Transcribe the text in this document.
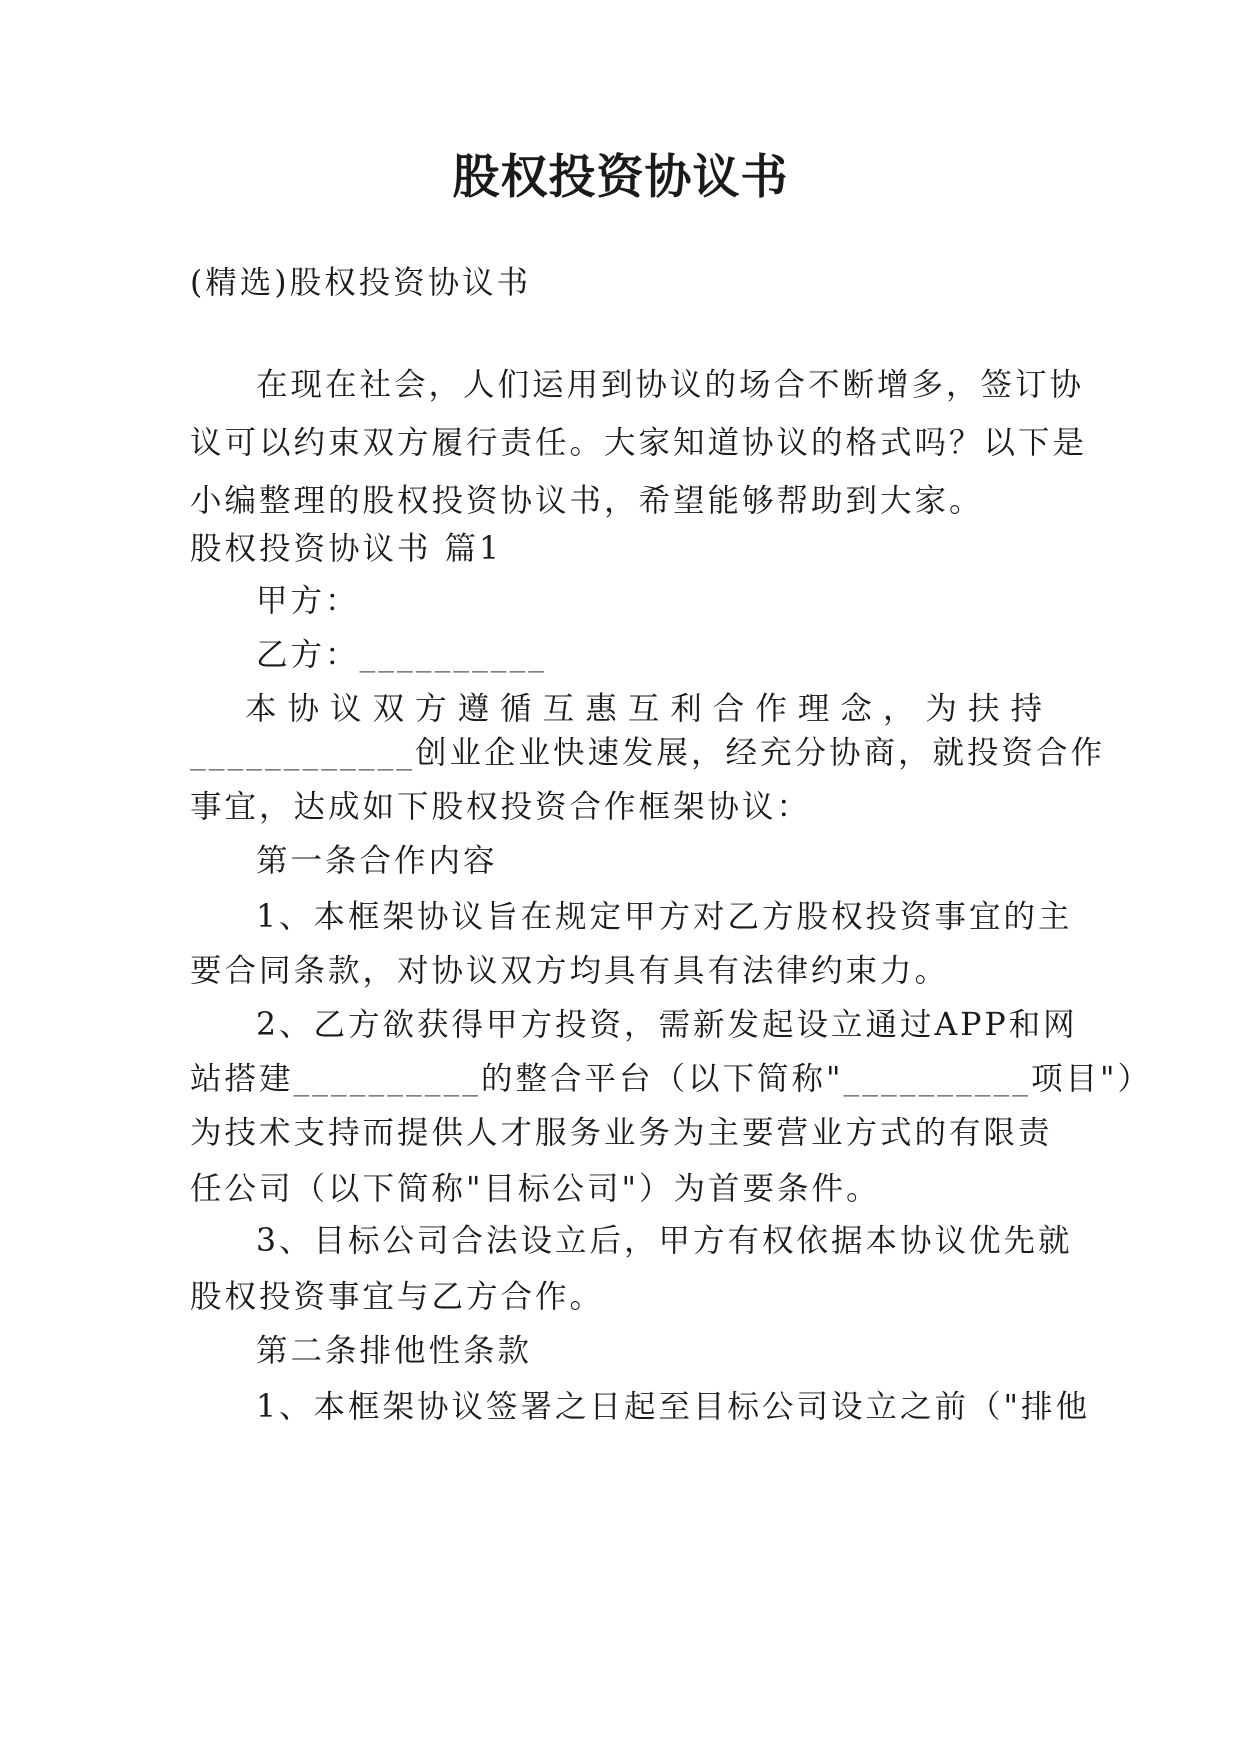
股权投资协议书

(精选)股权投资协议书

在现在社会，人们运用到协议的场合不断增多，签订协

议可以约束双方履行责任。大家知道协议的格式吗？以下是

小编整理的股权投资协议书，希望能够帮助到大家。

股权投资协议书 篇1

甲方：

乙方：__________

本协议双方遵循互惠互利合作理念，为扶持

____________创业企业快速发展，经充分协商，就投资合作

事宜，达成如下股权投资合作框架协议：

第一条合作内容

1、本框架协议旨在规定甲方对乙方股权投资事宜的主

要合同条款，对协议双方均具有具有法律约束力。

2、乙方欲获得甲方投资，需新发起设立通过APP和网

站搭建__________的整合平台（以下简称"__________项目"）

为技术支持而提供人才服务业务为主要营业方式的有限责

任公司（以下简称"目标公司"）为首要条件。

3、目标公司合法设立后，甲方有权依据本协议优先就

股权投资事宜与乙方合作。

第二条排他性条款

1、本框架协议签署之日起至目标公司设立之前（"排他
